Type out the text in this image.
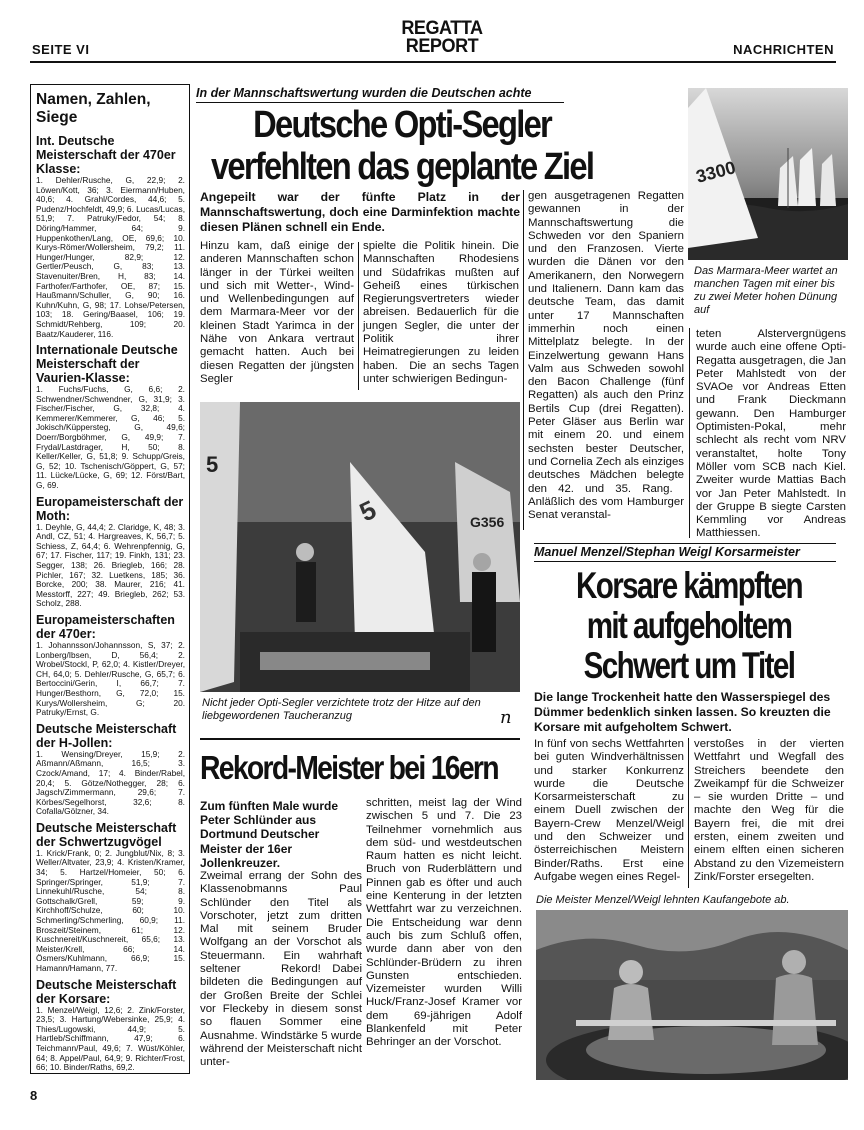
SEITE VI
REGATTA
REPORT	NACHRICHTEN
Namen, Zahlen, Siege
Int. Deutsche Meisterschaft der 470er Klasse:

1. Dehler/Rusche, G, 22,9; 2. Löwen/Kott, 36; 3. Eiermann/Huben, 40,6; 4. Grahl/Cordes, 44,6; 5. Pudenz/Hochfeldt, 49,9; 6. Lucas/Lucas, 51,9; 7. Patruky/Fedor, 54; 8. Döring/Hammer, 64; 9. Huppenkothen/Lang, OE, 69,6; 10. Kurys-Römer/Wollersheim, 79,2; 11. Hunger/Hunger, 82,9; 12. Gertler/Peusch, G, 83; 13. Stavenuiter/Bren, H, 83; 14. Farthofer/Farthofer, OE, 87; 15. Haußmann/Schuller, G, 90; 16. Kuhn/Kuhn, G, 98; 17. Lohse/Petersen, 103; 18. Gering/Baasel, 106; 19. Schmidt/Rehberg, 109; 20. Baatz/Kauderer, 116.

Internationale Deutsche Meisterschaft der Vaurien-Klasse:

1. Fuchs/Fuchs, G, 6,6; 2. Schwendner/Schwendner, G, 31,9; 3. Fischer/Fischer, G, 32,8; 4. Kemmerer/Kemmerer, G, 46; 5. Jokisch/Küppersteg, G, 49,6; Doerr/Borgböhmer, G, 49,9; 7. Frydal/Lastdrager, H, 50; 8. Keller/Keller, G, 51,8; 9. Schupp/Greis, G, 52; 10. Tschenisch/Göppert, G, 57; 11. Lücke/Lücke, G, 69; 12. Först/Bart, G, 69.

Europameisterschaft der Moth:

1. Deyhle, G, 44,4; 2. Claridge, K, 48; 3. Andl, CZ, 51; 4. Hargreaves, K, 56,7; 5. Schiess, Z, 64,4; 6. Wehrenpfennig, G, 67; 17. Fischer, 117; 19. Finkh, 131; 23. Segger, 138; 26. Briegleb, 166; 28. Pichler, 167; 32. Luetkens, 185; 36. Borcke, 200; 38. Maurer, 216; 41. Messtorff, 227; 49. Briegleb, 262; 53. Scholz, 288.

Europameisterschaften der 470er:

1. Johannsson/Johannsson, S, 37; 2. Lonberg/Ibsen, D, 56,4; 2. Wrobel/Stockl, P, 62,0; 4. Kistler/Dreyer, CH, 64,0; 5. Dehler/Rusche, G, 65,7; 6. Bertoccini/Gerin, I, 66,7; 7. Hunger/Besthorn, G, 72,0; 15. Kurys/Wollersheim, G; 20. Patruky/Ernst, G.

Deutsche Meisterschaft der H-Jollen:

1. Wensing/Dreyer, 15,9; 2. Aßmann/Aßmann, 16,5; 3. Czock/Amand, 17; 4. Binder/Rabel, 20,4; 5. Götze/Nothegger, 28; 6. Jagsch/Zimmermann, 29,6; 7. Körbes/Segelhorst, 32,6; 8. Cofalla/Gölzner, 34.

Deutsche Meisterschaft der Schwertzugvögel

1. Krick/Frank, 0; 2. Jungblut/Nix, 8; 3. Weller/Altvater, 23,9; 4. Kristen/Kramer, 34; 5. Hartzel/Homeier, 50; 6. Springer/Springer, 51,9; 7. Linnekuhl/Rusche, 54; 8. Gottschalk/Grell, 59; 9. Kirchhoff/Schulze, 60; 10. Schmerling/Schmerling, 60,9; 11. Broszeit/Steinem, 61; 12. Kuschnereit/Kuschnereit, 65,6; 13. Meister/Krell, 66; 14. Ösmers/Kuhlmann, 66,9; 15. Hamann/Hamann, 77.

Deutsche Meisterschaft der Korsare:

1. Menzel/Weigl, 12,6; 2. Zink/Forster, 23,5; 3. Hartung/Webersinke, 25,9; 4. Thies/Lugowski, 44,9; 5. Hartleb/Schiffmann, 47,9; 6. Teichmann/Paul, 49,6; 7. Wüst/Köhler, 64; 8. Appel/Paul, 64,9; 9. Richter/Frost, 66; 10. Binder/Raths, 69,2.

In der Mannschaftswertung wurden die Deutschen achte
Deutsche Opti-Segler verfehlten das geplante Ziel
Angepeilt war der fünfte Platz in der Mannschaftswertung, doch eine Darminfektion machte diesen Plänen schnell ein Ende.
Hinzu kam, daß einige der anderen Mannschaften schon länger in der Türkei weilten und sich mit Wetter-, Wind- und Wellenbedingungen auf dem Marmara-Meer vor der kleinen Stadt Yarimca in der Nähe von Ankara vertraut gemacht hatten. Auch bei diesen Regatten der jüngsten Segler
spielte die Politik hinein. Die Mannschaften Rhodesiens und Südafrikas mußten auf Geheiß eines türkischen Regierungsvertreters wieder abreisen. Bedauerlich für die jungen Segler, die unter der Politik ihrer Heimatregierungen zu leiden haben. Die an sechs Tagen unter schwierigen Bedingun-
gen ausgetragenen Regatten gewannen in der Mannschaftswertung die Schweden vor den Spaniern und den Franzosen. Vierte wurden die Dänen vor den Amerikanern, den Norwegern und Italienern. Dann kam das deutsche Team, das damit unter 17 Mannschaften immerhin noch einen Mittelplatz belegte. In der Einzelwertung gewann Hans Valm aus Schweden sowohl den Bacon Challenge (fünf Regatten) als auch den Prinz Bertils Cup (drei Regatten). Peter Gläser aus Berlin war mit einem 20. und einem sechsten bester Deutscher, und Cornelia Zech als einziges deutsches Mädchen belegte den 42. und 35. Rang. Anläßlich des vom Hamburger Senat veranstal-
teten Alstervergnügens wurde auch eine offene Opti-Regatta ausgetragen, die Jan Peter Mahlstedt von der SVAOe vor Andreas Etten und Frank Dieckmann gewann. Den Hamburger Optimisten-Pokal, mehr schlecht als recht vom NRV veranstaltet, holte Tony Möller vom SCB nach Kiel. Zweiter wurde Mattias Bach vor Jan Peter Mahlstedt. In der Gruppe B siegte Carsten Kemmling vor Andreas Matthiessen.
3300
Das Marmara-Meer wartet an manchen Tagen mit einer bis zu zwei Meter hohen Dünung auf
5
5	G356
Nicht jeder Opti-Segler verzichtete trotz der Hitze auf den liebgewordenen Taucheranzug	n
Rekord-Meister bei 16ern
Zum fünften Male wurde Peter Schlünder aus Dortmund Deutscher Meister der 16er Jollenkreuzer.
Zweimal errang der Sohn des Klassenobmanns Paul Schlünder den Titel als Vorschoter, jetzt zum dritten Mal mit seinem Bruder Wolfgang an der Vorschot als Steuermann. Ein wahrhaft seltener Rekord! Dabei bildeten die Bedingungen auf der Großen Breite der Schlei vor Fleckeby in diesem sonst so flauen Sommer eine Ausnahme. Windstärke 5 wurde während der Meisterschaft nicht unter-
schritten, meist lag der Wind zwischen 5 und 7. Die 23 Teilnehmer vornehmlich aus dem süd- und westdeutschen Raum hatten es nicht leicht. Bruch von Ruderblättern und Pinnen gab es öfter und auch eine Kenterung in der letzten Wettfahrt war zu verzeichnen. Die Entscheidung war denn auch bis zum Schluß offen, wurde dann aber von den Schlünder-Brüdern zu ihren Gunsten entschieden. Vizemeister wurden Willi Huck/Franz-Josef Kramer vor dem 69-jährigen Adolf Blankenfeld mit Peter Behringer an der Vorschot.
Manuel Menzel/Stephan Weigl Korsarmeister
Korsare kämpften mit aufgeholtem Schwert um Titel
Die lange Trockenheit hatte den Wasserspiegel des Dümmer bedenklich sinken lassen. So kreuzten die Korsare mit aufgeholtem Schwert.
In fünf von sechs Wettfahrten bei guten Windverhältnissen und starker Konkurrenz wurde die Deutsche Korsarmeisterschaft zu einem Duell zwischen der Bayern-Crew Menzel/Weigl und den Schweizer und österreichischen Meistern Binder/Raths. Erst eine Aufgabe wegen eines Regel-
verstoßes in der vierten Wettfahrt und Wegfall des Streichers beendete den Zweikampf für die Schweizer – sie wurden Dritte – und machte den Weg für die Bayern frei, die mit drei ersten, einem zweiten und einem elften einen sicheren Abstand zu den Vizemeistern Zink/Forster ersegelten.
Die Meister Menzel/Weigl lehnten Kaufangebote ab.
8
